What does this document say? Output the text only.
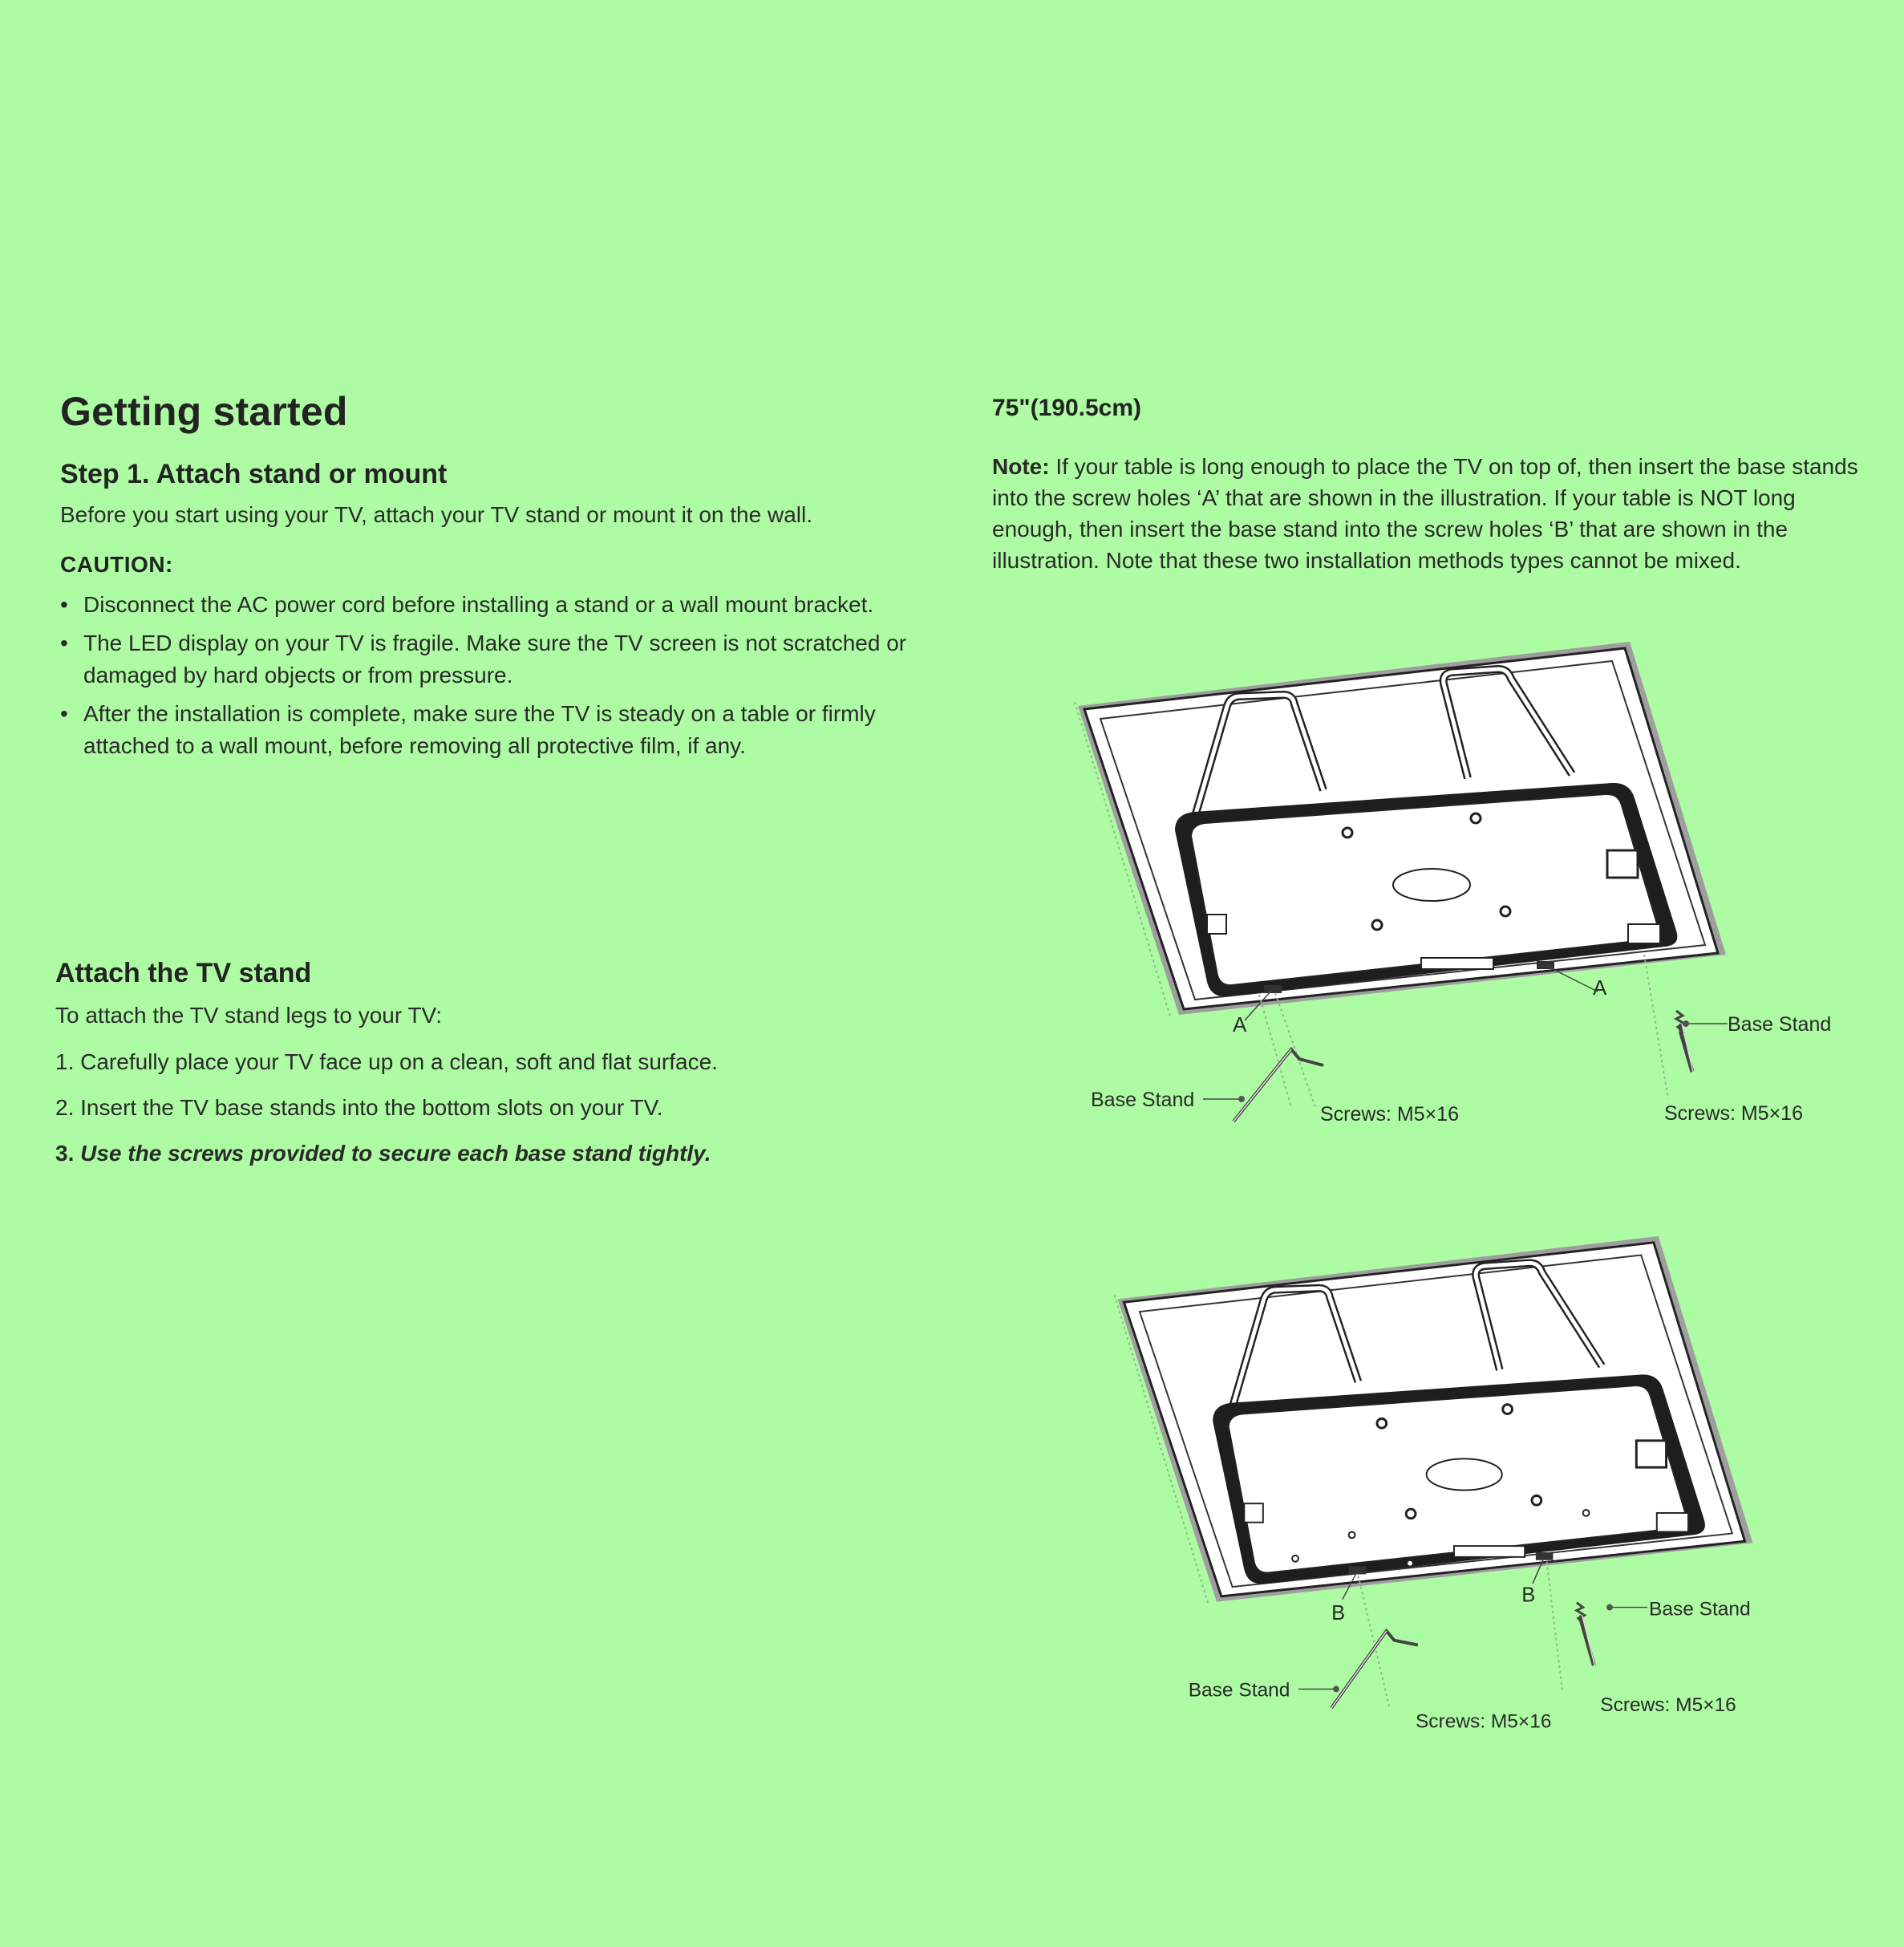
Getting started
Step 1. Attach stand or mount
Before you start using your TV, attach your TV stand or mount it on the wall.
CAUTION:
• Disconnect the AC power cord before installing a stand or a wall mount bracket.
• The LED display on your TV is fragile. Make sure the TV screen is not scratched or damaged by hard objects or from pressure.
• After the installation is complete, make sure the TV is steady on a table or firmly attached to a wall mount, before removing all protective film, if any.
Attach the TV stand
To attach the TV stand legs to your TV:
1. Carefully place your TV face up on a clean, soft and flat surface.
2. Insert the TV base stands into the bottom slots on your TV.
3. Use the screws provided to secure each base stand tightly.
75"(190.5cm)
Note: If your table is long enough to place the TV on top of, then insert the base stands into the screw holes ‘A’ that are shown in the illustration. If your table is NOT long enough, then insert the base stand into the screw holes ‘B’ that are shown in the illustration. Note that these two installation methods types cannot be mixed.
A
A
Base Stand
Screws: M5×16
Base Stand
Screws: M5×16
B
B
Base Stand
Screws: M5×16
Base Stand
Screws: M5×16
